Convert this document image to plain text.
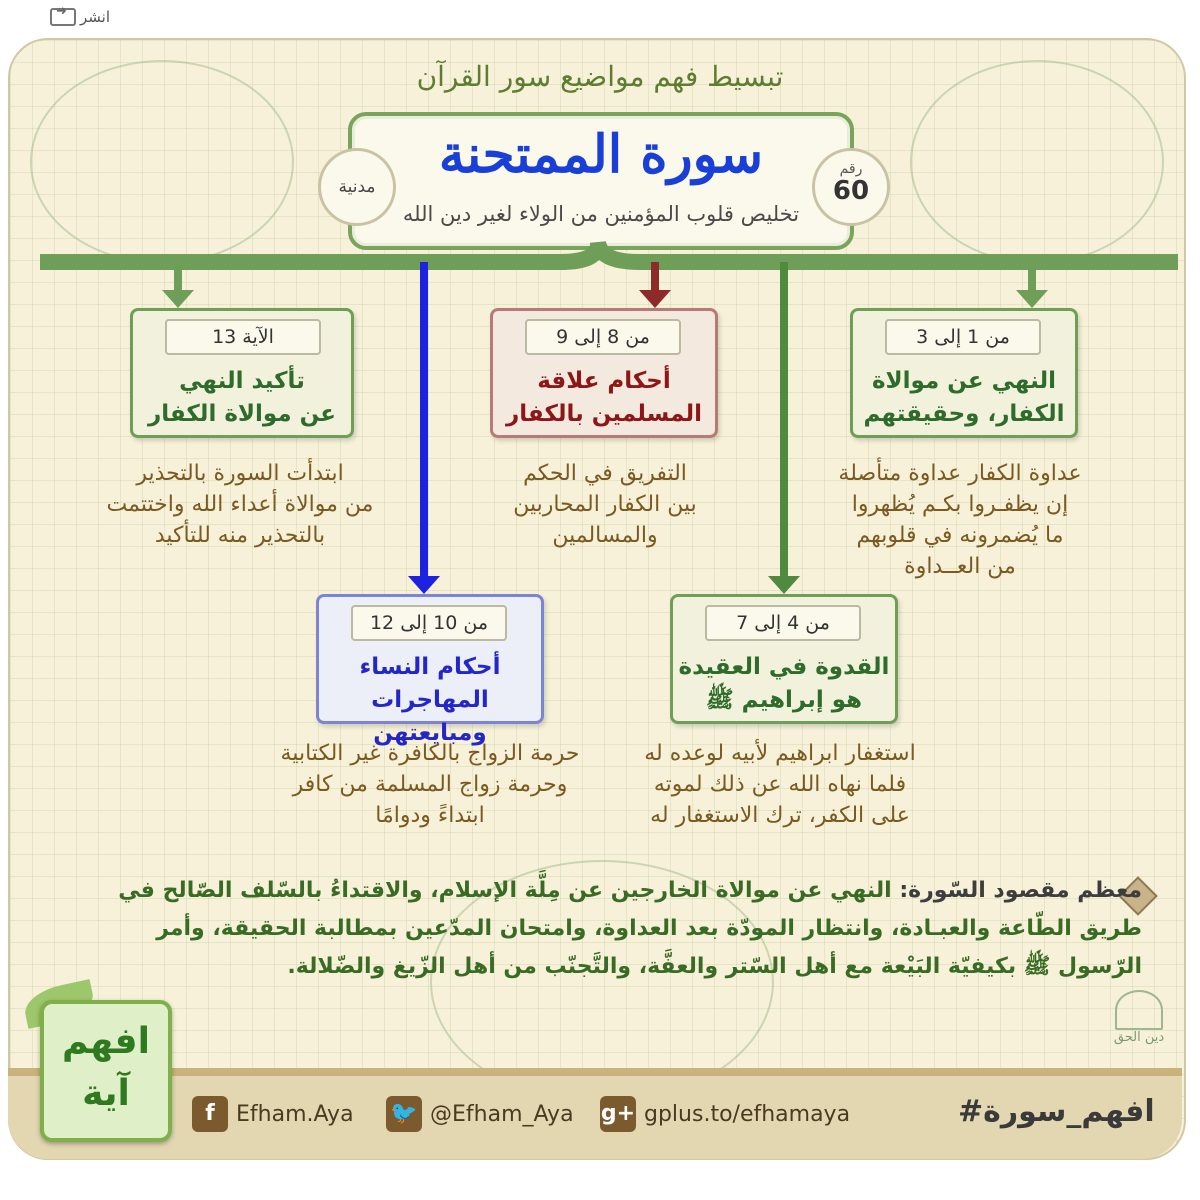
➜
انشر
تبسيط فهم مواضيع سور القرآن
سورة الممتحنة
تخليص قلوب المؤمنين من الولاء لغير دين الله
رقم
60
مدنية
من 1 إلى 3
النهي عن موالاة
الكفار، وحقيقتهم
عداوة الكفار عداوة متأصلة
إن يظفـروا بكـم يُظهروا
ما يُضمرونه في قلوبهم
من العــداوة
من 8 إلى 9
أحكام علاقة
المسلمين بالكفار
التفريق في الحكم
بين الكفار المحاربين
والمسالمين
الآية 13
تأكيد النهي
عن موالاة الكفار
ابتدأت السورة بالتحذير
من موالاة أعداء الله واختتمت
بالتحذير منه للتأكيد
من 4 إلى 7
القدوة في العقيدة
هو إبراهيم ﷺ
استغفار ابراهيم لأبيه لوعده له
فلما نهاه الله عن ذلك لموته
على الكفر، ترك الاستغفار له
من 10 إلى 12
أحكام النساء
المهاجرات ومبايعتهن
حرمة الزواج بالكافرة غير الكتابية
وحرمة زواج المسلمة من كافر
ابتداءً ودوامًا
معظم مقصود السّورة: النهي عن موالاة الخارجين عن مِلَّة الإسلام، والاقتداءُ بالسّلف الصّالح في طريق الطّاعة والعبـادة، وانتظار المودّة بعد العداوة، وامتحان المدّعين بمطالبة الحقيقة، وأمر الرّسول ﷺ بكيفيّة البَيْعة مع أهل السّتر والعفَّة، والتَّجنّب من أهل الزّيغ والضّلالة.
دين الحق
افهم
آية	f Efham.Aya 🐦 @Efham_Aya g+ gplus.to/efhamaya	#افهم_سورة
